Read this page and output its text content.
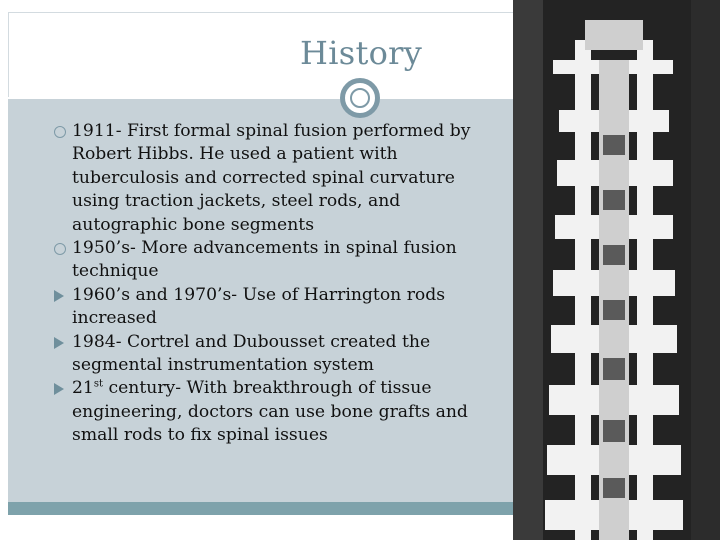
History
1911- First formal spinal fusion performed by Robert Hibbs. He used a patient with tuberculosis and corrected spinal curvature using traction jackets, steel rods, and autographic bone segments
1950’s- More advancements in spinal fusion technique
1960’s and 1970’s- Use of Harrington rods increased
1984- Cortrel and Dubousset created the segmental instrumentation system
21st century- With breakthrough of tissue engineering, doctors can use bone grafts and small rods to fix spinal issues
